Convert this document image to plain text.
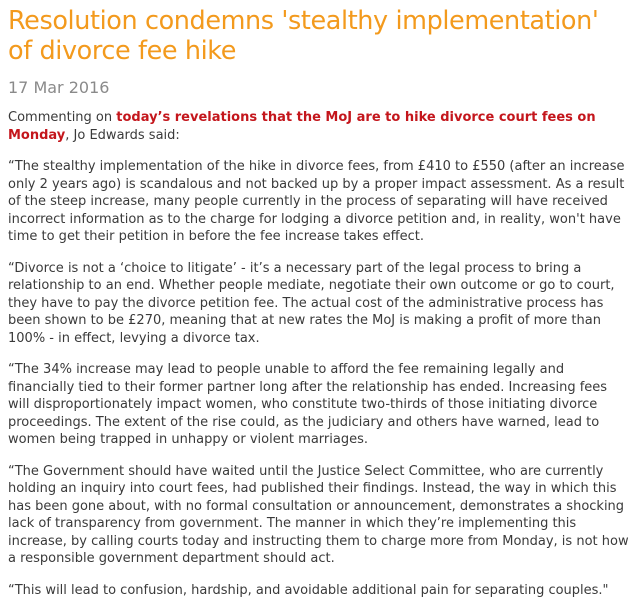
Resolution condemns 'stealthy implementation'
of divorce fee hike
17 Mar 2016

Commenting on today’s revelations that the MoJ are to hike divorce court fees on Monday, Jo Edwards said:

“The stealthy implementation of the hike in divorce fees, from £410 to £550 (after an increase only 2 years ago) is scandalous and not backed up by a proper impact assessment. As a result of the steep increase, many people currently in the process of separating will have received incorrect information as to the charge for lodging a divorce petition and, in reality, won't have time to get their petition in before the fee increase takes effect.

“Divorce is not a ‘choice to litigate’ - it’s a necessary part of the legal process to bring a relationship to an end. Whether people mediate, negotiate their own outcome or go to court, they have to pay the divorce petition fee. The actual cost of the administrative process has been shown to be £270, meaning that at new rates the MoJ is making a profit of more than 100% - in effect, levying a divorce tax.

“The 34% increase may lead to people unable to afford the fee remaining legally and financially tied to their former partner long after the relationship has ended. Increasing fees will disproportionately impact women, who constitute two-thirds of those initiating divorce proceedings. The extent of the rise could, as the judiciary and others have warned, lead to women being trapped in unhappy or violent marriages.

“The Government should have waited until the Justice Select Committee, who are currently holding an inquiry into court fees, had published their findings. Instead, the way in which this has been gone about, with no formal consultation or announcement, demonstrates a shocking lack of transparency from government. The manner in which they’re implementing this increase, by calling courts today and instructing them to charge more from Monday, is not how a responsible government department should act.

“This will lead to confusion, hardship, and avoidable additional pain for separating couples."
